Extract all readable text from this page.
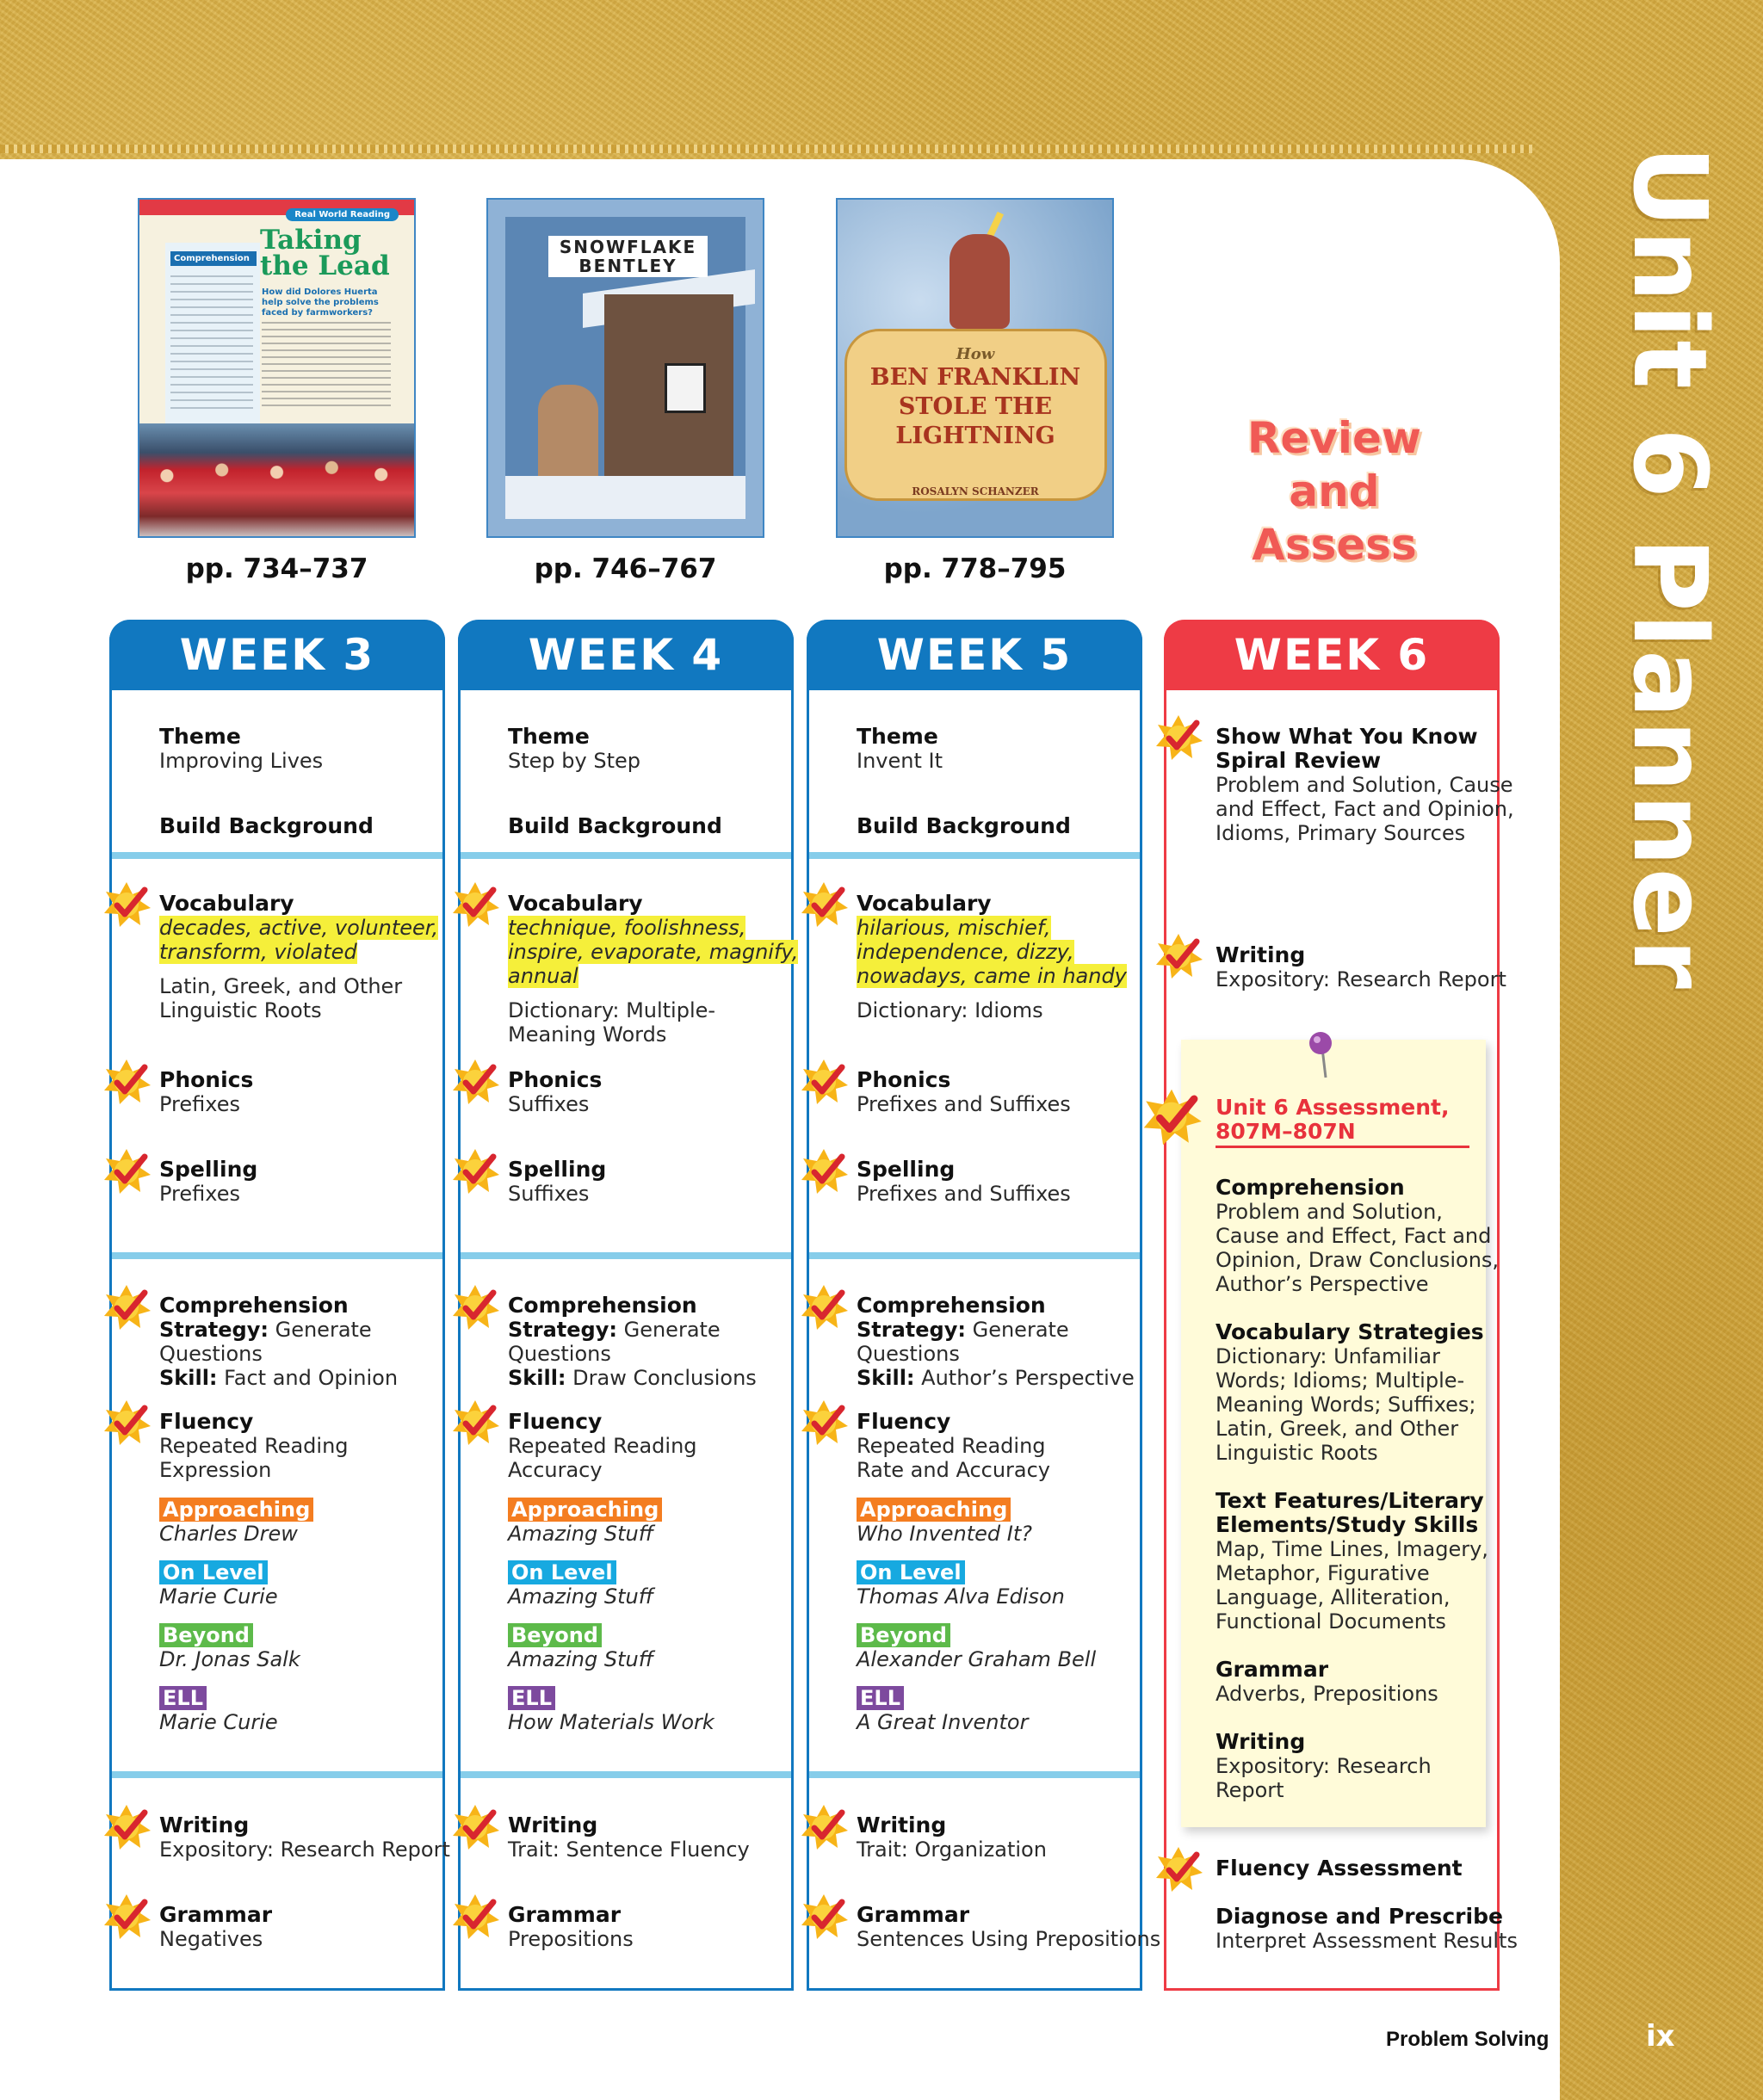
Unit 6 Planner
Real World Reading
Comprehension
Taking
the Lead
How did Dolores Huerta help solve the problems faced by farmworkers?
pp. 734–737
SNOWFLAKE
BENTLEY
pp. 746–767
How
BEN FRANKLIN
STOLE THE
LIGHTNING
ROSALYN SCHANZER
pp. 778–795
Review
and
Assess
WEEK 3	WEEK 4	WEEK 5	WEEK 6
Theme
Improving Lives
Build Background
Vocabulary
decades, active, volunteer,
transform, violated
Latin, Greek, and Other
Linguistic Roots
Phonics
Prefixes
Spelling
Prefixes
Comprehension
Strategy: Generate
Questions
Skill: Fact and Opinion
Fluency
Repeated Reading
Expression
Approaching
Charles Drew
On Level
Marie Curie
Beyond
Dr. Jonas Salk
ELL
Marie Curie
Writing
Expository: Research Report
Grammar
Negatives
Theme
Step by Step
Build Background
Vocabulary
technique, foolishness,
inspire, evaporate, magnify,
annual
Dictionary: Multiple-
Meaning Words
Phonics
Suffixes
Spelling
Suffixes
Comprehension
Strategy: Generate
Questions
Skill: Draw Conclusions
Fluency
Repeated Reading
Accuracy
Approaching
Amazing Stuff
On Level
Amazing Stuff
Beyond
Amazing Stuff
ELL
How Materials Work
Writing
Trait: Sentence Fluency
Grammar
Prepositions
Theme
Invent It
Build Background
Vocabulary
hilarious, mischief,
independence, dizzy,
nowadays, came in handy
Dictionary: Idioms
Phonics
Prefixes and Suffixes
Spelling
Prefixes and Suffixes
Comprehension
Strategy: Generate
Questions
Skill: Author’s Perspective
Fluency
Repeated Reading
Rate and Accuracy
Approaching
Who Invented It?
On Level
Thomas Alva Edison
Beyond
Alexander Graham Bell
ELL
A Great Inventor
Writing
Trait: Organization
Grammar
Sentences Using Prepositions
Show What You Know
Spiral Review
Problem and Solution, Cause
and Effect, Fact and Opinion,
Idioms, Primary Sources
Writing
Expository: Research Report
Unit 6 Assessment,
807M–807N
Comprehension
Problem and Solution,
Cause and Effect, Fact and
Opinion, Draw Conclusions,
Author’s Perspective
Vocabulary Strategies
Dictionary: Unfamiliar
Words; Idioms; Multiple-
Meaning Words; Suffixes;
Latin, Greek, and Other
Linguistic Roots
Text Features/Literary
Elements/Study Skills
Map, Time Lines, Imagery,
Metaphor, Figurative
Language, Alliteration,
Functional Documents
Grammar
Adverbs, Prepositions
Writing
Expository: Research
Report
Fluency Assessment
Diagnose and Prescribe
Interpret Assessment Results
Problem Solving	ix
